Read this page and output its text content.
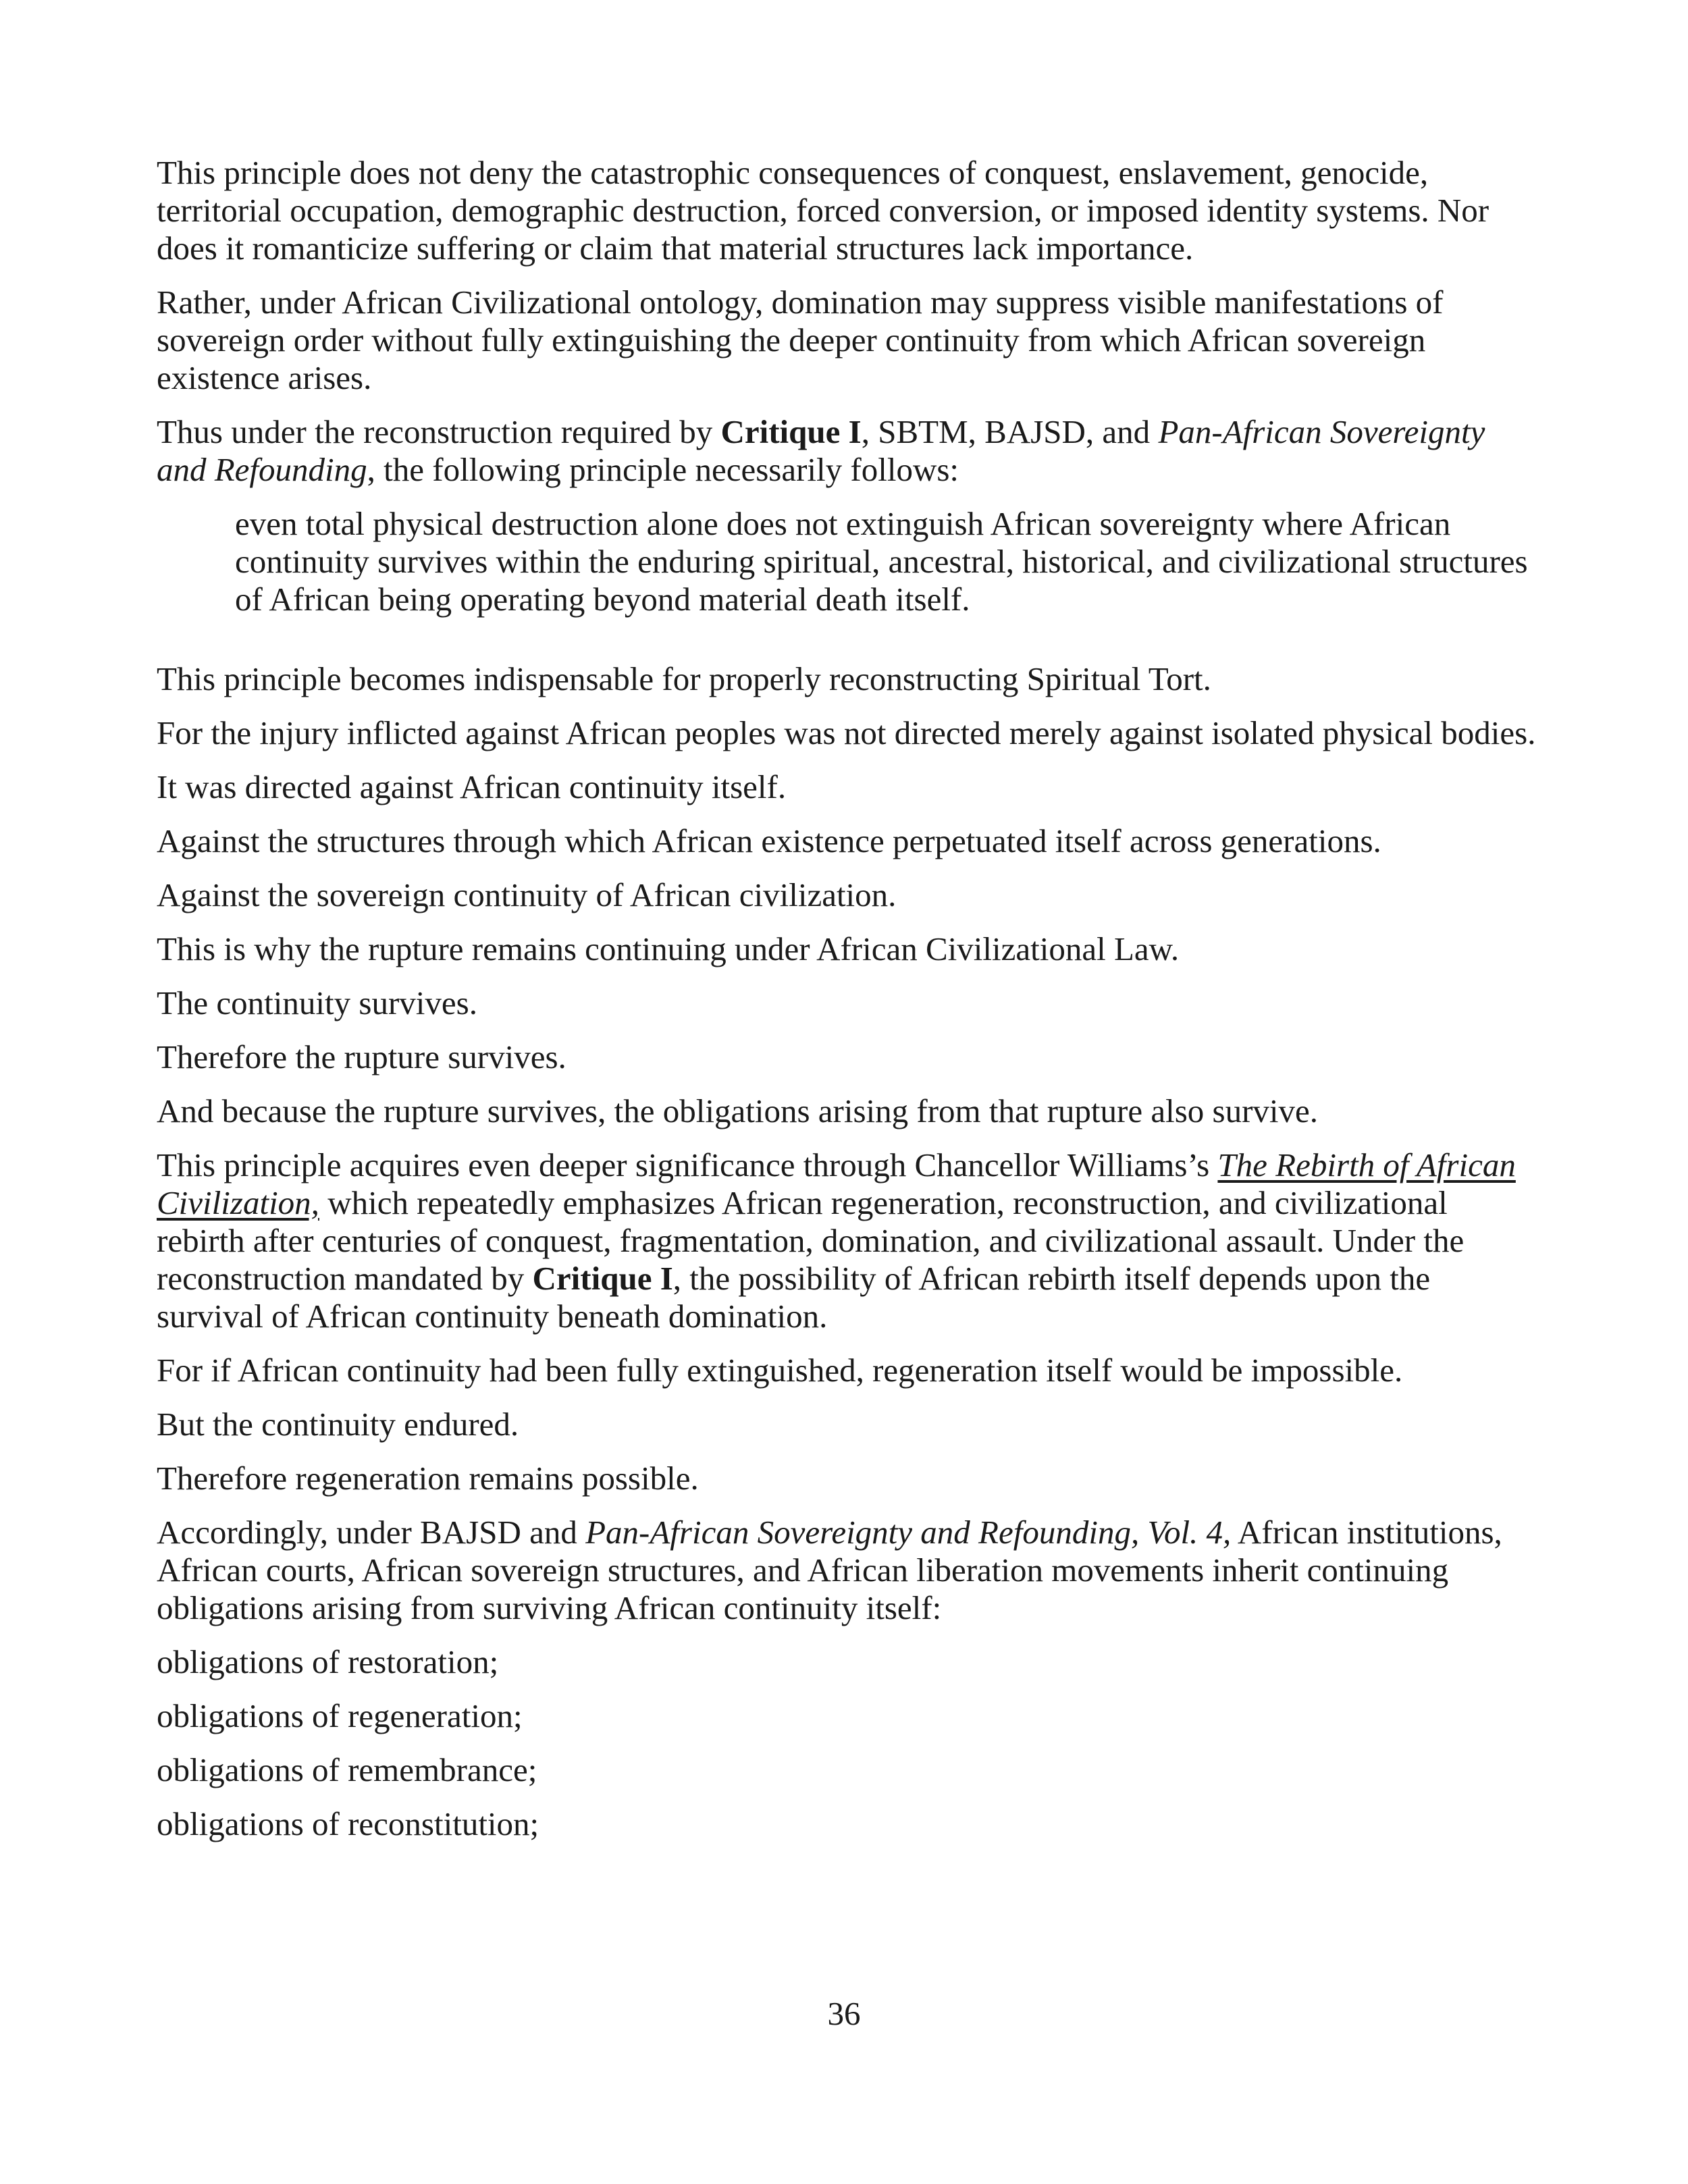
This principle does not deny the catastrophic consequences of conquest, enslavement, genocide, territorial occupation, demographic destruction, forced conversion, or imposed identity systems. Nor does it romanticize suffering or claim that material structures lack importance.

Rather, under African Civilizational ontology, domination may suppress visible manifestations of sovereign order without fully extinguishing the deeper continuity from which African sovereign existence arises.

Thus under the reconstruction required by Critique I, SBTM, BAJSD, and Pan-African Sovereignty and Refounding, the following principle necessarily follows:

even total physical destruction alone does not extinguish African sovereignty where African continuity survives within the enduring spiritual, ancestral, historical, and civilizational structures of African being operating beyond material death itself.

This principle becomes indispensable for properly reconstructing Spiritual Tort.

For the injury inflicted against African peoples was not directed merely against isolated physical bodies.

It was directed against African continuity itself.

Against the structures through which African existence perpetuated itself across generations.

Against the sovereign continuity of African civilization.

This is why the rupture remains continuing under African Civilizational Law.

The continuity survives.

Therefore the rupture survives.

And because the rupture survives, the obligations arising from that rupture also survive.

This principle acquires even deeper significance through Chancellor Williams’s The Rebirth of African Civilization, which repeatedly emphasizes African regeneration, reconstruction, and civilizational rebirth after centuries of conquest, fragmentation, domination, and civilizational assault. Under the reconstruction mandated by Critique I, the possibility of African rebirth itself depends upon the survival of African continuity beneath domination.

For if African continuity had been fully extinguished, regeneration itself would be impossible.

But the continuity endured.

Therefore regeneration remains possible.

Accordingly, under BAJSD and Pan-African Sovereignty and Refounding, Vol. 4, African institutions, African courts, African sovereign structures, and African liberation movements inherit continuing obligations arising from surviving African continuity itself:

obligations of restoration;

obligations of regeneration;

obligations of remembrance;

obligations of reconstitution;

36
